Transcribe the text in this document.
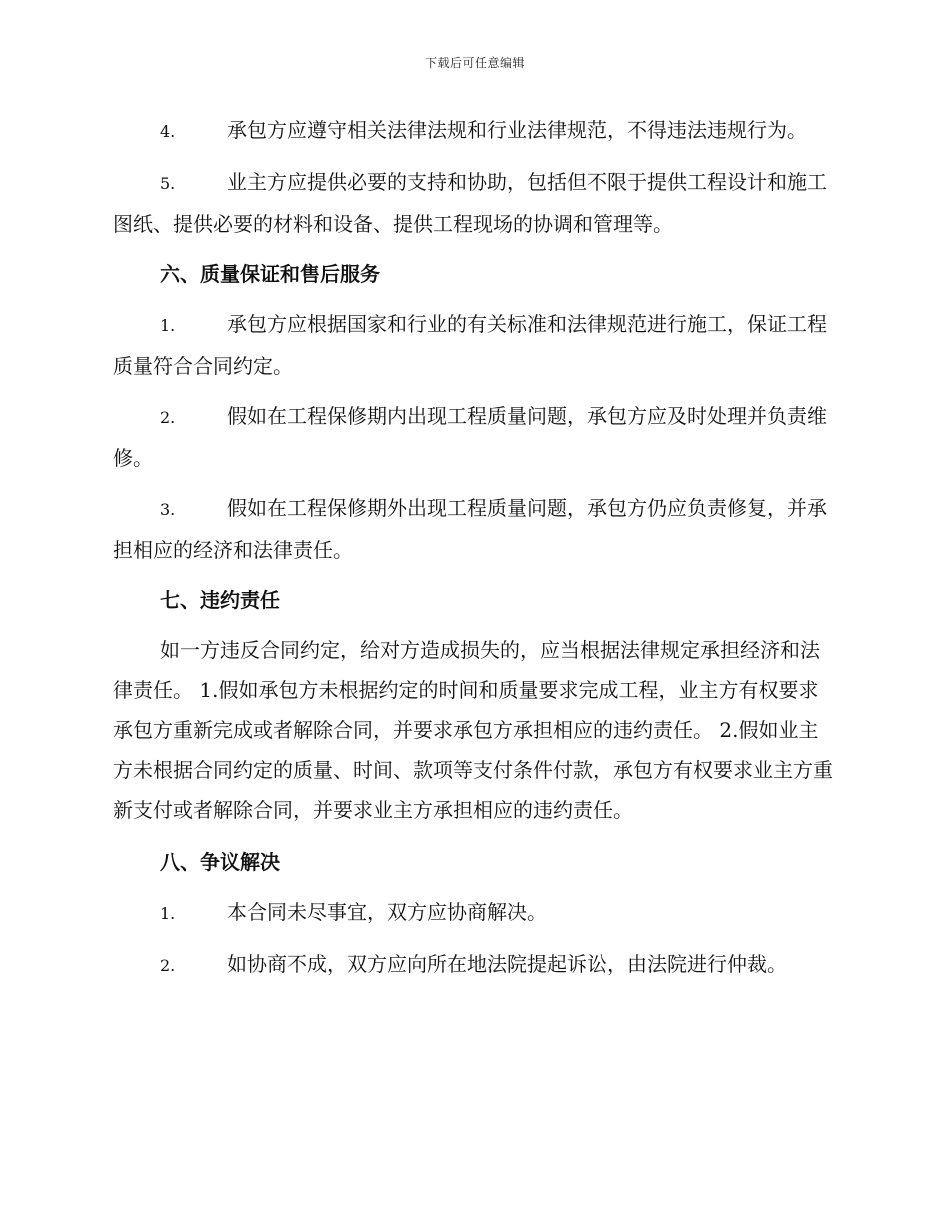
下载后可任意编辑

4.	承包方应遵守相关法律法规和行业法律规范，不得违法违规行为。

5.	业主方应提供必要的支持和协助，包括但不限于提供工程设计和施工图纸、提供必要的材料和设备、提供工程现场的协调和管理等。

六、质量保证和售后服务

1.	承包方应根据国家和行业的有关标准和法律规范进行施工，保证工程质量符合合同约定。

2.	假如在工程保修期内出现工程质量问题，承包方应及时处理并负责维修。

3.	假如在工程保修期外出现工程质量问题，承包方仍应负责修复，并承担相应的经济和法律责任。

七、违约责任

如一方违反合同约定，给对方造成损失的，应当根据法律规定承担经济和法律责任。 1.假如承包方未根据约定的时间和质量要求完成工程，业主方有权要求承包方重新完成或者解除合同，并要求承包方承担相应的违约责任。 2.假如业主方未根据合同约定的质量、时间、款项等支付条件付款，承包方有权要求业主方重新支付或者解除合同，并要求业主方承担相应的违约责任。

八、争议解决

1.	本合同未尽事宜，双方应协商解决。

2.	如协商不成，双方应向所在地法院提起诉讼，由法院进行仲裁。
